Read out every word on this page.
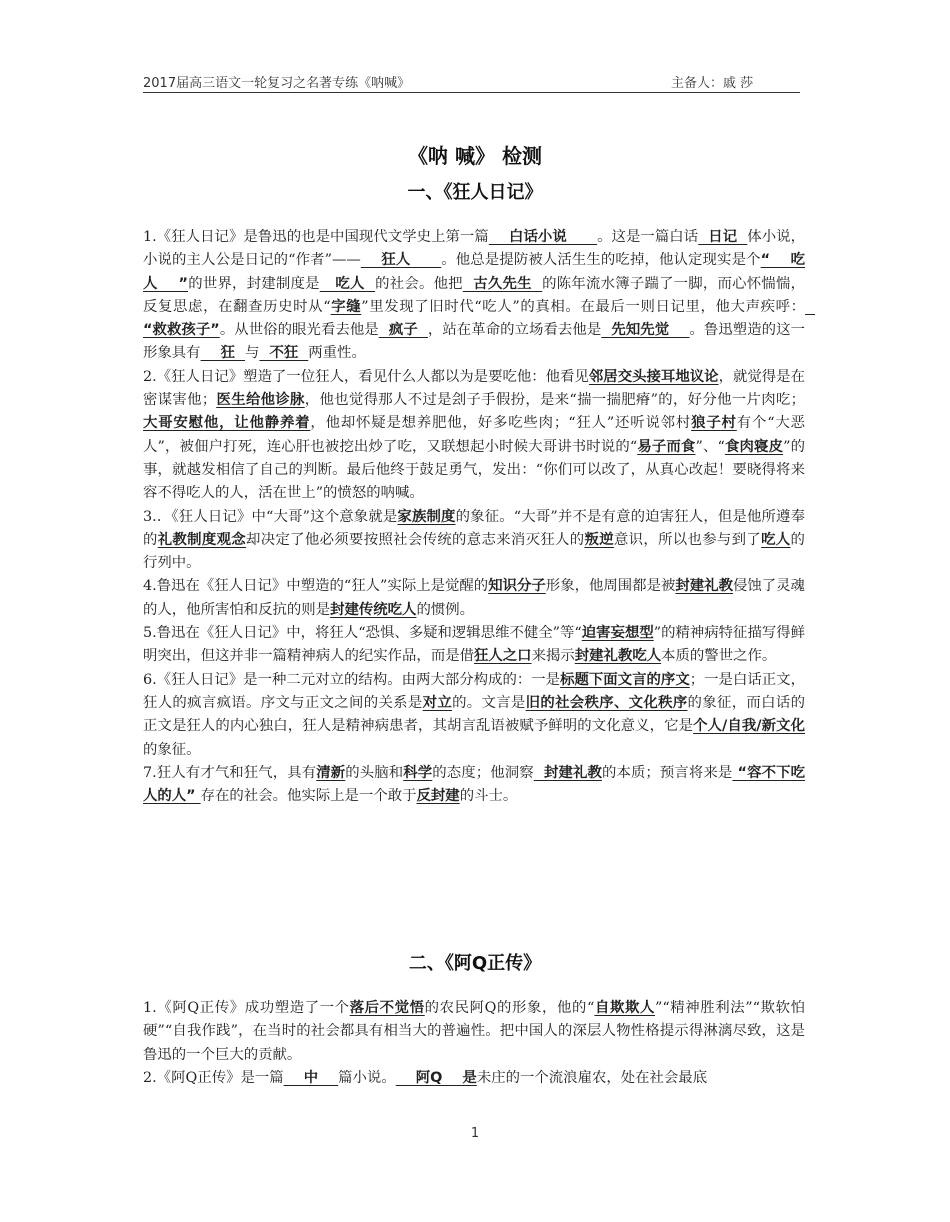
2017届高三语文一轮复习之名著专练《呐喊》	主备人：戚 莎
《呐 喊》 检测
一、《狂人日记》

1.《狂人日记》是鲁迅的也是中国现代文学史上第一篇    白话小说      。这是一篇白话  日记  体小说，小说的主人公是日记的“作者”——    狂人      。他总是提防被人活生生的吃掉，他认定现实是个“    吃人    ”的世界，封建制度是   吃人  的社会。他把  古久先生  的陈年流水簿子踹了一脚，而心怀惴惴，反复思虑，在翻查历史时从“字缝”里发现了旧时代“吃人”的真相。在最后一则日记里，他大声疾呼：  “救救孩子”。从世俗的眼光看去他是  疯子  ，站在革命的立场看去他是  先知先觉    。鲁迅塑造的这一形象具有    狂  与  不狂  两重性。

2.《狂人日记》塑造了一位狂人，看见什么人都以为是要吃他：他看见邻居交头接耳地议论，就觉得是在密谋害他；医生给他诊脉，他也觉得那人不过是刽子手假扮，是来“揣一揣肥瘠”的，好分他一片肉吃；大哥安慰他，让他静养着，他却怀疑是想养肥他，好多吃些肉；“狂人”还听说邻村狼子村有个“大恶人”，被佃户打死，连心肝也被挖出炒了吃，又联想起小时候大哥讲书时说的“易子而食”、“食肉寝皮”的事，就越发相信了自己的判断。最后他终于鼓足勇气，发出：“你们可以改了，从真心改起！要晓得将来容不得吃人的人，活在世上”的愤怒的呐喊。

3.．《狂人日记》中“大哥”这个意象就是家族制度的象征。“大哥”并不是有意的迫害狂人，但是他所遵奉的礼教制度观念却决定了他必须要按照社会传统的意志来消灭狂人的叛逆意识，所以也参与到了吃人的行列中。

4.鲁迅在《狂人日记》中塑造的“狂人”实际上是觉醒的知识分子形象，他周围都是被封建礼教侵蚀了灵魂的人，他所害怕和反抗的则是封建传统吃人的惯例。

5.鲁迅在《狂人日记》中，将狂人“恐惧、多疑和逻辑思维不健全”等“迫害妄想型”的精神病特征描写得鲜明突出，但这并非一篇精神病人的纪实作品，而是借狂人之口来揭示封建礼教吃人本质的警世之作。

6.《狂人日记》是一种二元对立的结构。由两大部分构成的：一是标题下面文言的序文；一是白话正文，狂人的疯言疯语。序文与正文之间的关系是对立的。文言是旧的社会秩序、文化秩序的象征，而白话的正文是狂人的内心独白，狂人是精神病患者，其胡言乱语被赋予鲜明的文化意义，它是个人/自我/新文化的象征。

7.狂人有才气和狂气，具有清新的头脑和科学的态度；他洞察  封建礼教的本质；预言将来是 “容不下吃人的人” 存在的社会。他实际上是一个敢于反封建的斗士。

二、《阿Q正传》

1.《阿Q正传》成功塑造了一个落后不觉悟的农民阿Q的形象，他的“自欺欺人”“精神胜利法”“欺软怕硬”“自我作践”，在当时的社会都具有相当大的普遍性。把中国人的深层人物性格提示得淋漓尽致，这是鲁迅的一个巨大的贡献。

2.《阿Q正传》是一篇    中    篇小说。    阿Q    是未庄的一个流浪雇农，处在社会最底

1
